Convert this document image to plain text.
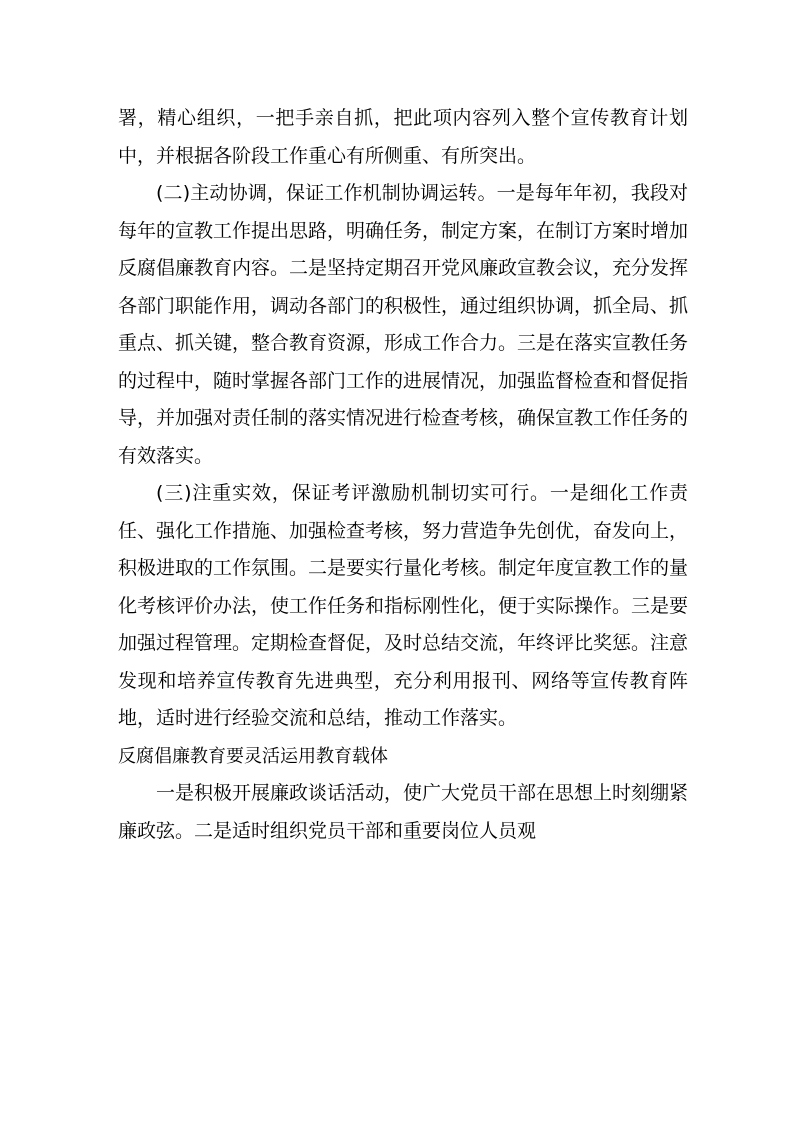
署，精心组织，一把手亲自抓，把此项内容列入整个宣传教育计划中，并根据各阶段工作重心有所侧重、有所突出。

(二)主动协调，保证工作机制协调运转。一是每年年初，我段对每年的宣教工作提出思路，明确任务，制定方案，在制订方案时增加反腐倡廉教育内容。二是坚持定期召开党风廉政宣教会议，充分发挥各部门职能作用，调动各部门的积极性，通过组织协调，抓全局、抓重点、抓关键，整合教育资源，形成工作合力。三是在落实宣教任务的过程中，随时掌握各部门工作的进展情况，加强监督检查和督促指导，并加强对责任制的落实情况进行检查考核，确保宣教工作任务的有效落实。

(三)注重实效，保证考评激励机制切实可行。一是细化工作责任、强化工作措施、加强检查考核，努力营造争先创优，奋发向上，积极进取的工作氛围。二是要实行量化考核。制定年度宣教工作的量化考核评价办法，使工作任务和指标刚性化，便于实际操作。三是要加强过程管理。定期检查督促，及时总结交流，年终评比奖惩。注意发现和培养宣传教育先进典型，充分利用报刊、网络等宣传教育阵地，适时进行经验交流和总结，推动工作落实。

反腐倡廉教育要灵活运用教育载体

一是积极开展廉政谈话活动，使广大党员干部在思想上时刻绷紧廉政弦。二是适时组织党员干部和重要岗位人员观
